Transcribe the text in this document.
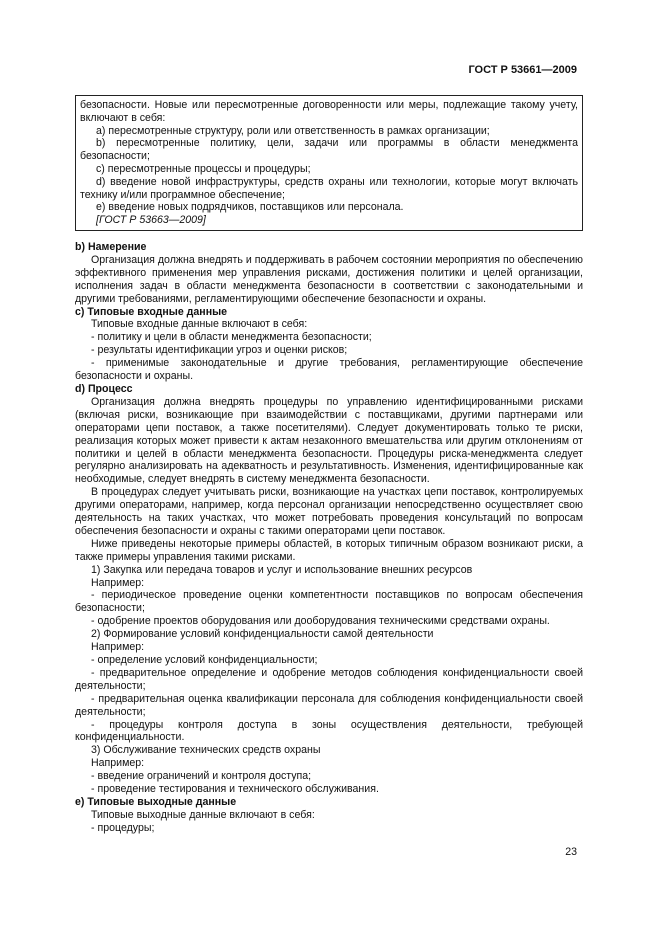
ГОСТ Р 53661—2009

безопасности. Новые или пересмотренные договоренности или меры, подлежащие такому учету, включают в себя:

a) пересмотренные структуру, роли или ответственность в рамках организации;

b) пересмотренные политику, цели, задачи или программы в области менеджмента безопасности;

c) пересмотренные процессы и процедуры;

d) введение новой инфраструктуры, средств охраны или технологии, которые могут включать технику и/или программное обеспечение;

e) введение новых подрядчиков, поставщиков или персонала.

[ГОСТ Р 53663—2009]

b) Намерение

Организация должна внедрять и поддерживать в рабочем состоянии мероприятия по обеспечению эффективного применения мер управления рисками, достижения политики и целей организации, исполнения задач в области менеджмента безопасности в соответствии с законодательными и другими требованиями, регламентирующими обеспечение безопасности и охраны.

c) Типовые входные данные

Типовые входные данные включают в себя:

- политику и цели в области менеджмента безопасности;

- результаты идентификации угроз и оценки рисков;

- применимые законодательные и другие требования, регламентирующие обеспечение безопасности и охраны.

d) Процесс

Организация должна внедрять процедуры по управлению идентифицированными рисками (включая риски, возникающие при взаимодействии с поставщиками, другими партнерами или операторами цепи поставок, а также посетителями). Следует документировать только те риски, реализация которых может привести к актам незаконного вмешательства или другим отклонениям от политики и целей в области менеджмента безопасности. Процедуры риска-менеджмента следует регулярно анализировать на адекватность и результативность. Изменения, идентифицированные как необходимые, следует внедрять в систему менеджмента безопасности.

В процедурах следует учитывать риски, возникающие на участках цепи поставок, контролируемых другими операторами, например, когда персонал организации непосредственно осуществляет свою деятельность на таких участках, что может потребовать проведения консультаций по вопросам обеспечения безопасности и охраны с такими операторами цепи поставок.

Ниже приведены некоторые примеры областей, в которых типичным образом возникают риски, а также примеры управления такими рисками.

1) Закупка или передача товаров и услуг и использование внешних ресурсов

Например:

- периодическое проведение оценки компетентности поставщиков по вопросам обеспечения безопасности;

- одобрение проектов оборудования или дооборудования техническими средствами охраны.

2) Формирование условий конфиденциальности самой деятельности

Например:

- определение условий конфиденциальности;

- предварительное определение и одобрение методов соблюдения конфиденциальности своей деятельности;

- предварительная оценка квалификации персонала для соблюдения конфиденциальности своей деятельности;

- процедуры контроля доступа в зоны осуществления деятельности, требующей конфиденциальности.

3) Обслуживание технических средств охраны

Например:

- введение ограничений и контроля доступа;

- проведение тестирования и технического обслуживания.

e) Типовые выходные данные

Типовые выходные данные включают в себя:

- процедуры;

23
